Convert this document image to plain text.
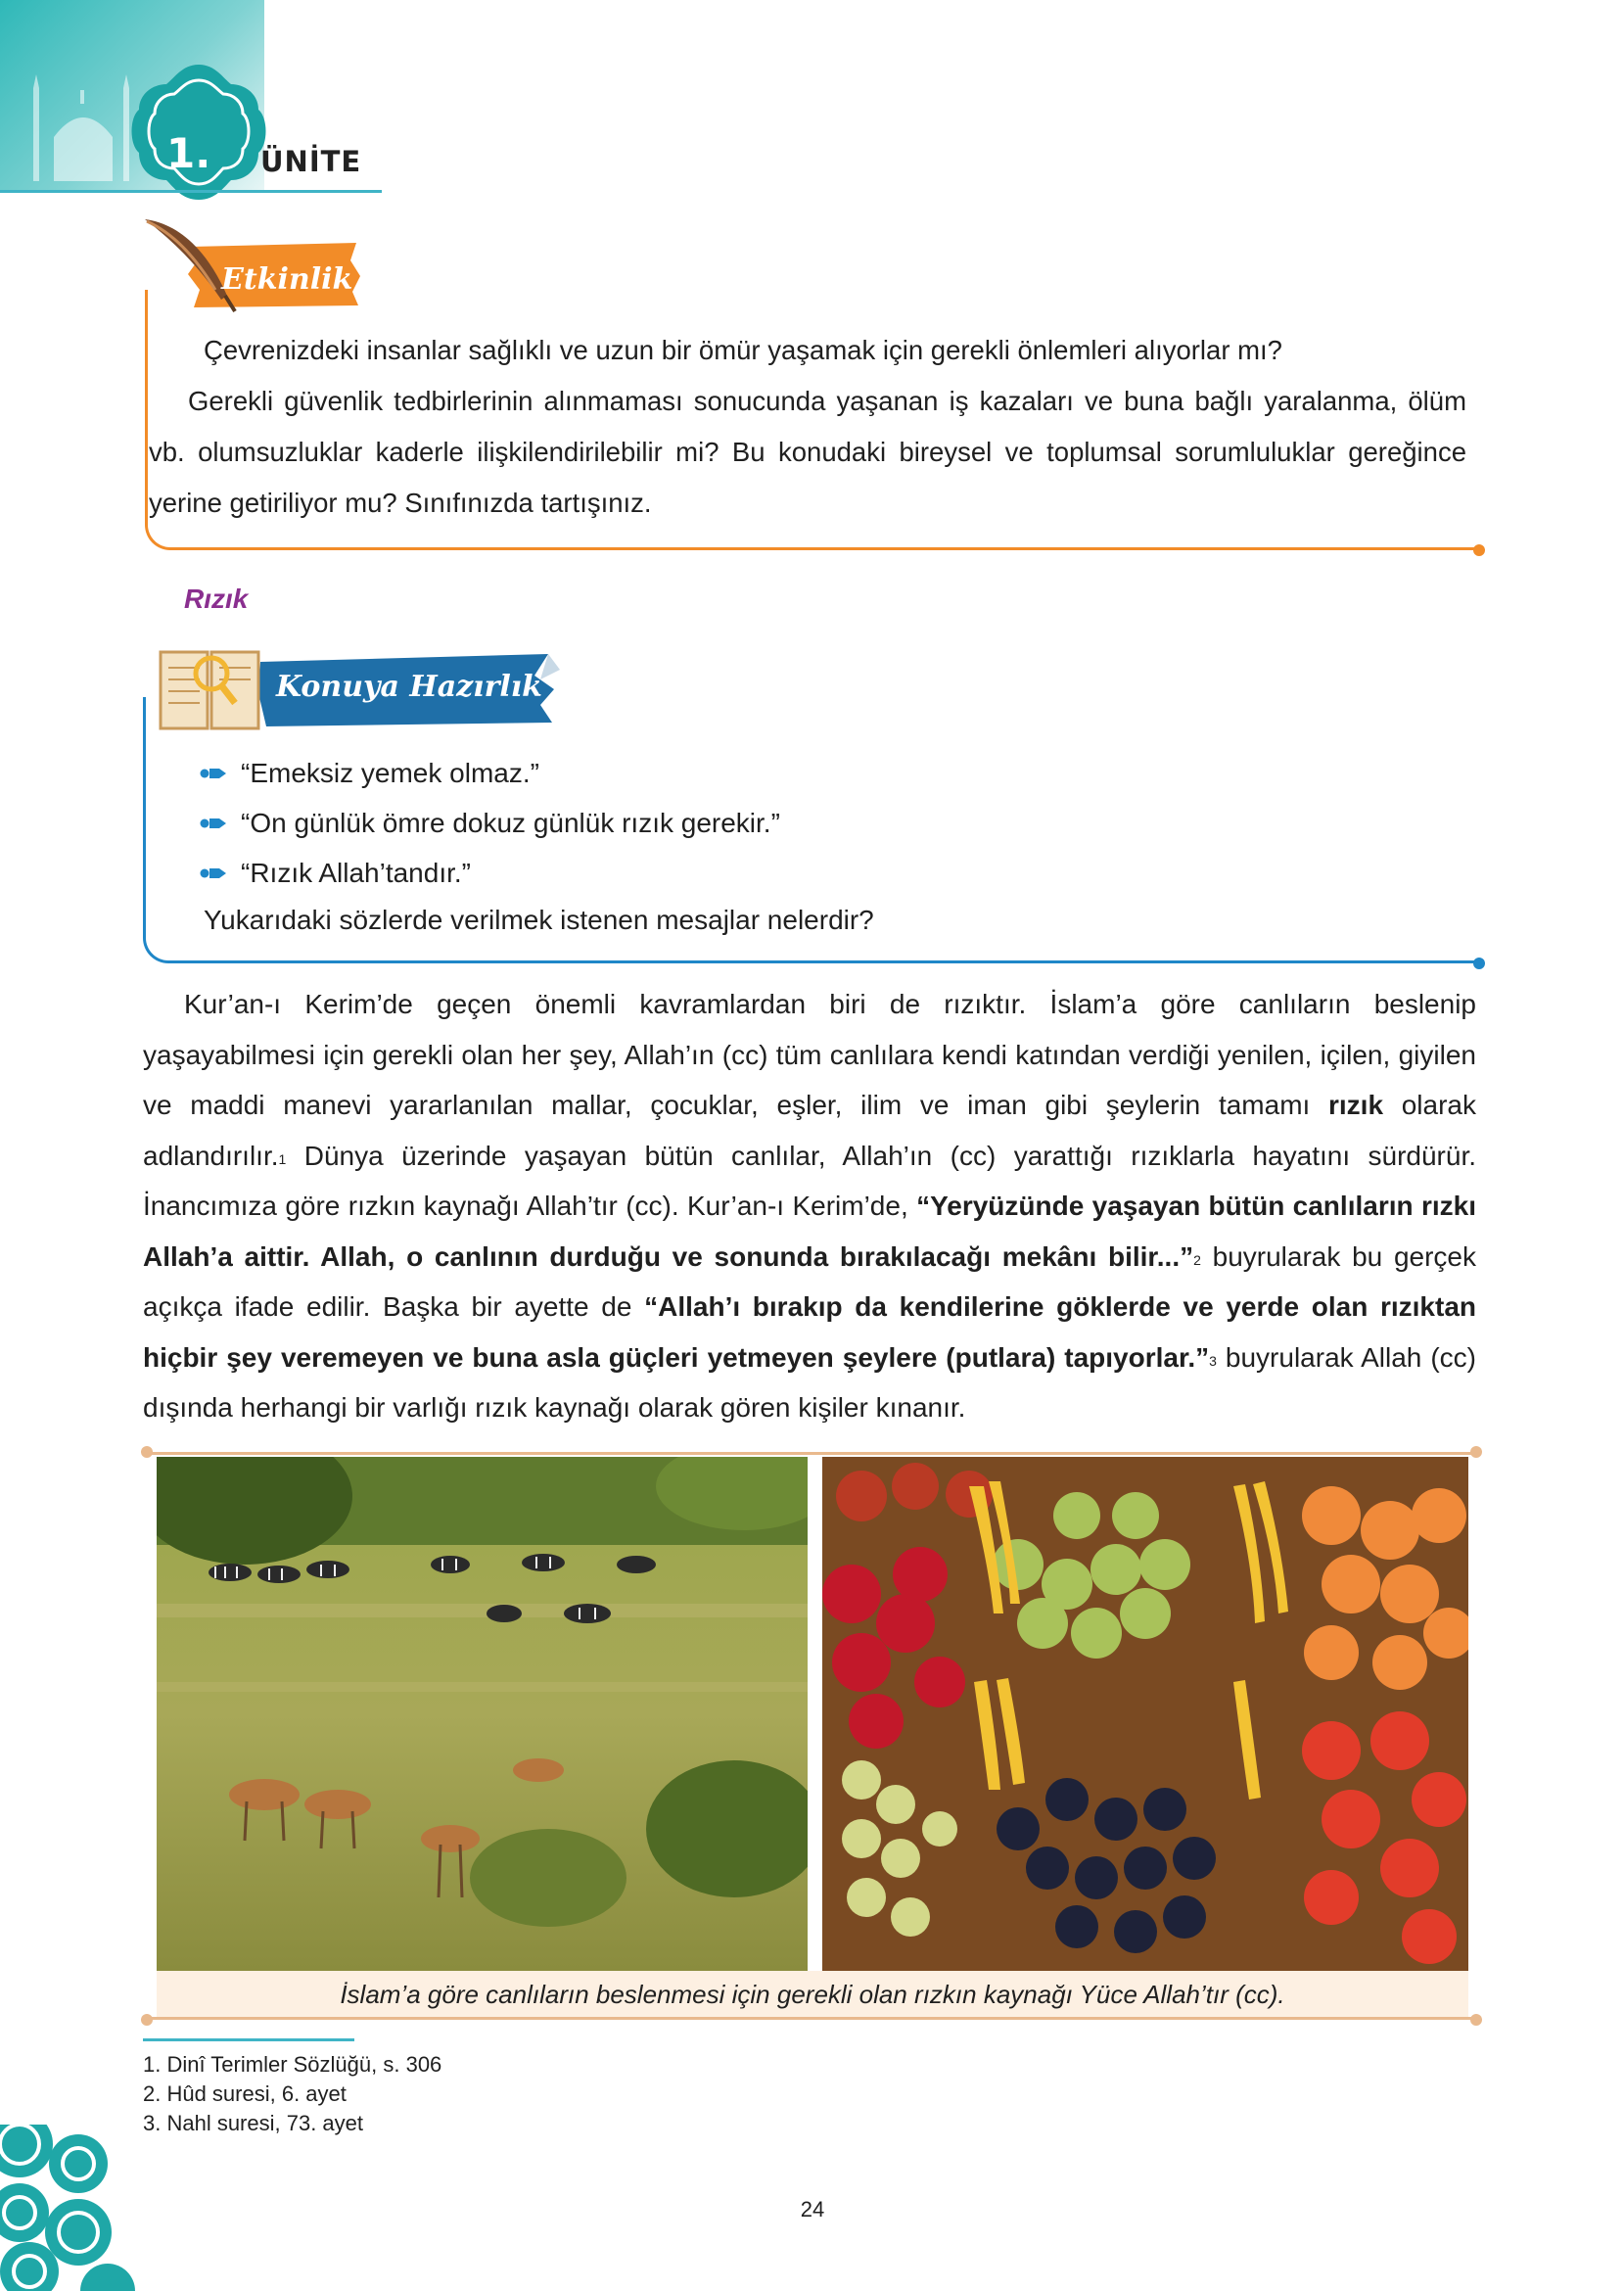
1. ÜNİTE
Etkinlik

Çevrenizdeki insanlar sağlıklı ve uzun bir ömür yaşamak için gerekli önlemleri alıyorlar mı?

Gerekli güvenlik tedbirlerinin alınmaması sonucunda yaşanan iş kazaları ve buna bağlı yaralanma, ölüm vb. olumsuzluklar kaderle ilişkilendirilebilir mi? Bu konudaki bireysel ve toplumsal sorumluluklar gereğince yerine getiriliyor mu? Sınıfınızda tartışınız.

Rızık
Konuya Hazırlık
“Emeksiz yemek olmaz.”
“On günlük ömre dokuz günlük rızık gerekir.”
“Rızık Allah’tandır.”
Yukarıdaki sözlerde verilmek istenen mesajlar nelerdir?

Kur’an-ı Kerim’de geçen önemli kavramlardan biri de rızıktır. İslam’a göre canlıların beslenip yaşayabilmesi için gerekli olan her şey, Allah’ın (cc) tüm canlılara kendi katından verdiği yenilen, içilen, giyilen ve maddi manevi yararlanılan mallar, çocuklar, eşler, ilim ve iman gibi şeylerin tamamı rızık olarak adlandırılır.$^1$ Dünya üzerinde yaşayan bütün canlılar, Allah’ın (cc) yarattığı rızıklarla hayatını sürdürür. İnancımıza göre rızkın kaynağı Allah’tır (cc). Kur’an-ı Kerim’de, “Yeryüzünde yaşayan bütün canlıların rızkı Allah’a aittir. Allah, o canlının durduğu ve sonunda bırakılacağı mekânı bilir...”$^2$ buyrularak bu gerçek açıkça ifade edilir. Başka bir ayette de “Allah’ı bırakıp da kendilerine göklerde ve yerde olan rızıktan hiçbir şey veremeyen ve buna asla güçleri yetmeyen şeylere (putlara) tapıyorlar.”$^3$ buyrularak Allah (cc) dışında herhangi bir varlığı rızık kaynağı olarak gören kişiler kınanır.

İslam’a göre canlıların beslenmesi için gerekli olan rızkın kaynağı Yüce Allah’tır (cc).
1. Dinî Terimler Sözlüğü, s. 306
2. Hûd suresi, 6. ayet
3. Nahl suresi, 73. ayet
24
